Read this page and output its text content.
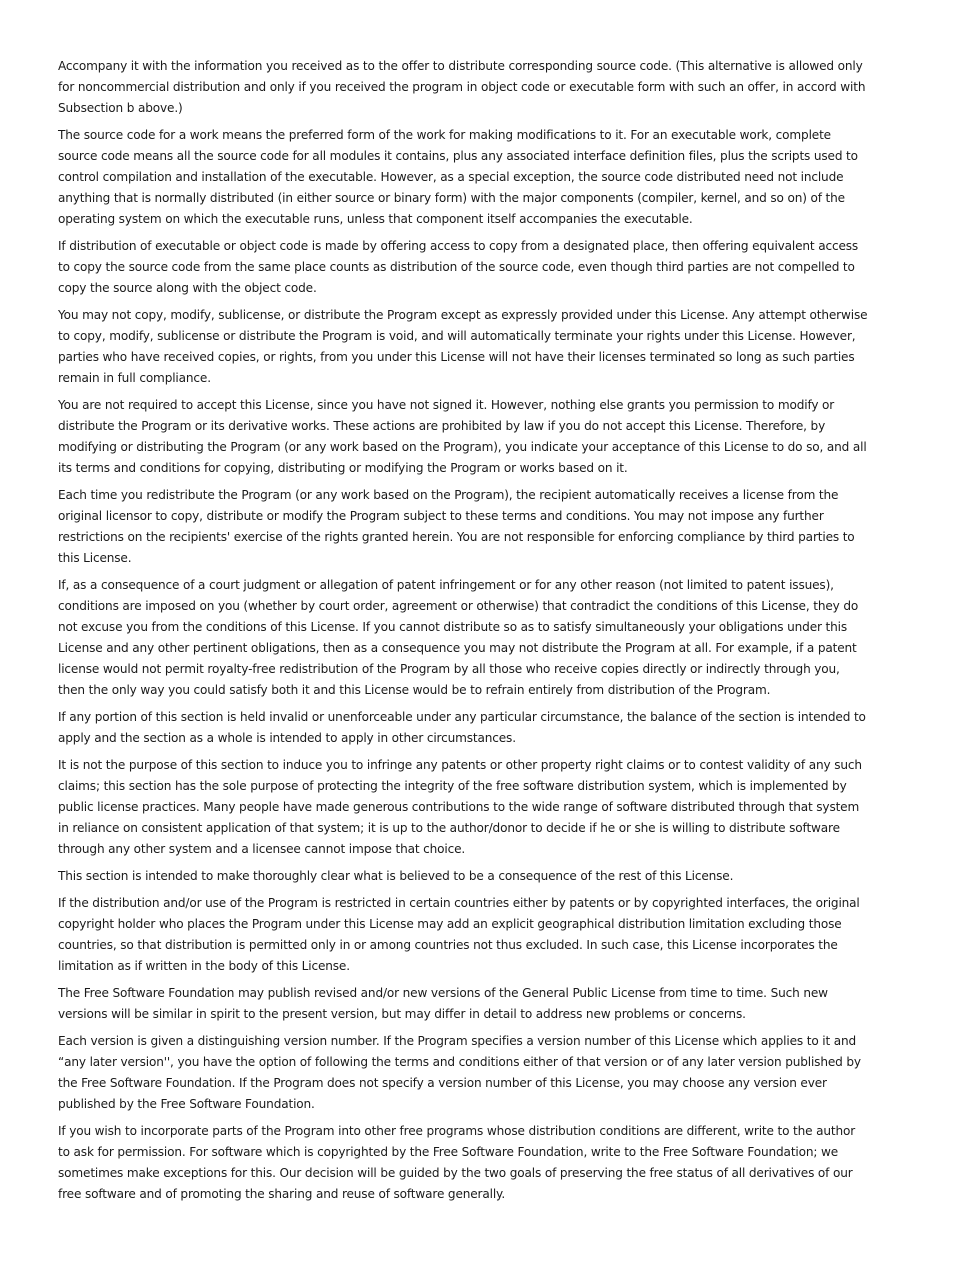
Accompany it with the information you received as to the offer to distribute corresponding source code. (This alternative is allowed only for noncommercial distribution and only if you received the program in object code or executable form with such an offer, in accord with Subsection b above.)

The source code for a work means the preferred form of the work for making modifications to it. For an executable work, complete source code means all the source code for all modules it contains, plus any associated interface definition files, plus the scripts used to control compilation and installation of the executable. However, as a special exception, the source code distributed need not include anything that is normally distributed (in either source or binary form) with the major components (compiler, kernel, and so on) of the operating system on which the executable runs, unless that component itself accompanies the executable.

If distribution of executable or object code is made by offering access to copy from a designated place, then offering equivalent access to copy the source code from the same place counts as distribution of the source code, even though third parties are not compelled to copy the source along with the object code.

You may not copy, modify, sublicense, or distribute the Program except as expressly provided under this License. Any attempt otherwise to copy, modify, sublicense or distribute the Program is void, and will automatically terminate your rights under this License. However, parties who have received copies, or rights, from you under this License will not have their licenses terminated so long as such parties remain in full compliance.

You are not required to accept this License, since you have not signed it. However, nothing else grants you permission to modify or distribute the Program or its derivative works. These actions are prohibited by law if you do not accept this License. Therefore, by modifying or distributing the Program (or any work based on the Program), you indicate your acceptance of this License to do so, and all its terms and conditions for copying, distributing or modifying the Program or works based on it.

Each time you redistribute the Program (or any work based on the Program), the recipient automatically receives a license from the original licensor to copy, distribute or modify the Program subject to these terms and conditions. You may not impose any further restrictions on the recipients' exercise of the rights granted herein. You are not responsible for enforcing compliance by third parties to this License.

If, as a consequence of a court judgment or allegation of patent infringement or for any other reason (not limited to patent issues), conditions are imposed on you (whether by court order, agreement or otherwise) that contradict the conditions of this License, they do not excuse you from the conditions of this License. If you cannot distribute so as to satisfy simultaneously your obligations under this License and any other pertinent obligations, then as a consequence you may not distribute the Program at all. For example, if a patent license would not permit royalty-free redistribution of the Program by all those who receive copies directly or indirectly through you, then the only way you could satisfy both it and this License would be to refrain entirely from distribution of the Program.

If any portion of this section is held invalid or unenforceable under any particular circumstance, the balance of the section is intended to apply and the section as a whole is intended to apply in other circumstances.

It is not the purpose of this section to induce you to infringe any patents or other property right claims or to contest validity of any such claims; this section has the sole purpose of protecting the integrity of the free software distribution system, which is implemented by public license practices. Many people have made generous contributions to the wide range of software distributed through that system in reliance on consistent application of that system; it is up to the author/donor to decide if he or she is willing to distribute software through any other system and a licensee cannot impose that choice.

This section is intended to make thoroughly clear what is believed to be a consequence of the rest of this License.

If the distribution and/or use of the Program is restricted in certain countries either by patents or by copyrighted interfaces, the original copyright holder who places the Program under this License may add an explicit geographical distribution limitation excluding those countries, so that distribution is permitted only in or among countries not thus excluded. In such case, this License incorporates the limitation as if written in the body of this License.

The Free Software Foundation may publish revised and/or new versions of the General Public License from time to time. Such new versions will be similar in spirit to the present version, but may differ in detail to address new problems or concerns.

Each version is given a distinguishing version number. If the Program specifies a version number of this License which applies to it and “any later version'', you have the option of following the terms and conditions either of that version or of any later version published by the Free Software Foundation. If the Program does not specify a version number of this License, you may choose any version ever published by the Free Software Foundation.

If you wish to incorporate parts of the Program into other free programs whose distribution conditions are different, write to the author to ask for permission. For software which is copyrighted by the Free Software Foundation, write to the Free Software Foundation; we sometimes make exceptions for this. Our decision will be guided by the two goals of preserving the free status of all derivatives of our free software and of promoting the sharing and reuse of software generally.
